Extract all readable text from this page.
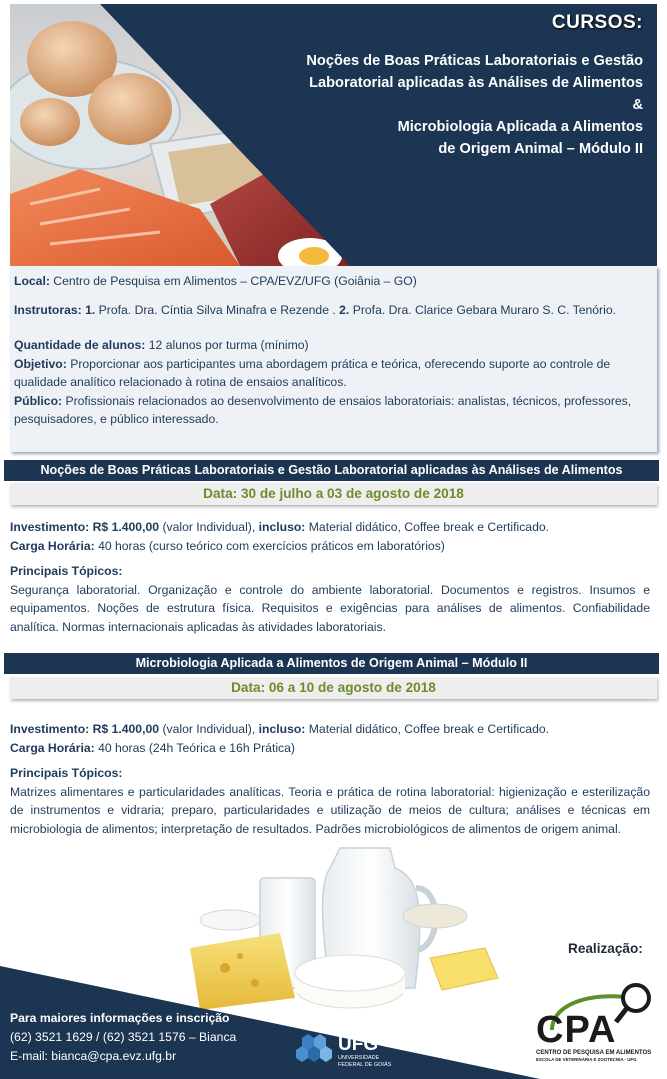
CURSOS:
Noções de Boas Práticas Laboratoriais e Gestão
Laboratorial aplicadas às Análises de Alimentos
&
Microbiologia Aplicada a Alimentos
de Origem Animal – Módulo II

Local: Centro de Pesquisa em Alimentos – CPA/EVZ/UFG (Goiânia – GO)

Instrutoras: 1. Profa. Dra. Cíntia Silva Minafra e Rezende . 2. Profa. Dra. Clarice Gebara Muraro S. C. Tenório.

Quantidade de alunos: 12 alunos por turma (mínimo)

Objetivo: Proporcionar aos participantes uma abordagem prática e teórica, oferecendo suporte ao controle de qualidade analítico relacionado à rotina de ensaios analíticos.

Público: Profissionais relacionados ao desenvolvimento de ensaios laboratoriais: analistas, técnicos, professores, pesquisadores, e público interessado.

Noções de Boas Práticas Laboratoriais e Gestão Laboratorial aplicadas às Análises de Alimentos
Data: 30 de julho a 03 de agosto de 2018

Investimento: R$ 1.400,00 (valor Individual), incluso: Material didático, Coffee break e Certificado.

Carga Horária: 40 horas (curso teórico com exercícios práticos em laboratórios)

Principais Tópicos:

Segurança laboratorial. Organização e controle do ambiente laboratorial. Documentos e registros. Insumos e equipamentos. Noções de estrutura física. Requisitos e exigências para análises de alimentos. Confiabilidade analítica. Normas internacionais aplicadas às atividades laboratoriais.

Microbiologia Aplicada a Alimentos de Origem Animal – Módulo II
Data: 06 a 10 de agosto de 2018

Investimento: R$ 1.400,00 (valor Individual), incluso: Material didático, Coffee break e Certificado.

Carga Horária: 40 horas (24h Teórica e 16h Prática)

Principais Tópicos:

Matrizes alimentares e particularidades analíticas. Teoria e prática de rotina laboratorial: higienização e esterilização de instrumentos e vidraria; preparo, particularidades e utilização de meios de cultura; análises e técnicas em microbiologia de alimentos; interpretação de resultados. Padrões microbiológicos de alimentos de origem animal.

Para maiores informações e inscrição
(62) 3521 1629 / (62) 3521 1576 – Bianca
E-mail: bianca@cpa.evz.ufg.br
UFG
UNIVERSIDADE
FEDERAL DE GOIÁS
Realização:
CPA
CENTRO DE PESQUISA EM ALIMENTOS
ESCOLA DE VETERINÁRIA E ZOOTECNIA - UFG
